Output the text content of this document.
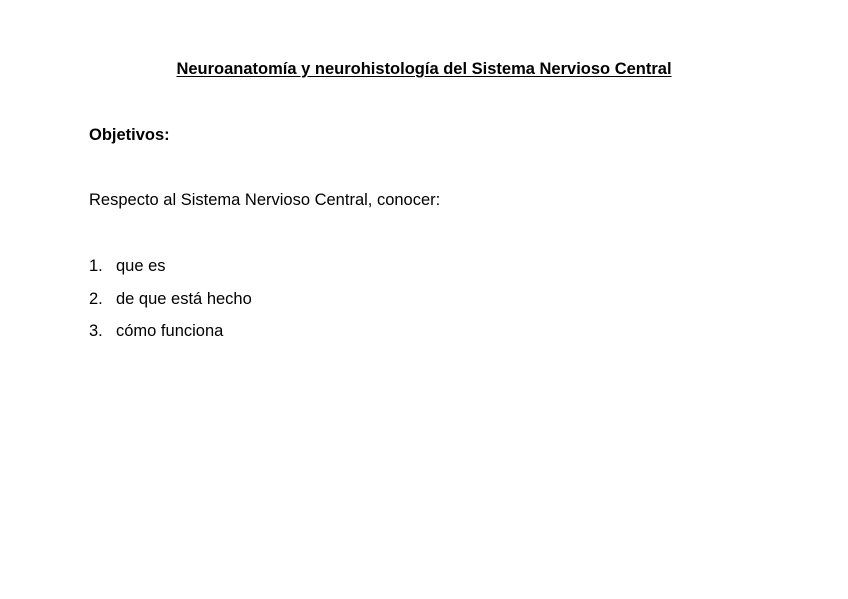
Neuroanatomía y neurohistología del Sistema Nervioso Central
Objetivos:

Respecto al Sistema Nervioso Central, conocer:

1. que es
2. de que está hecho
3. cómo funciona
